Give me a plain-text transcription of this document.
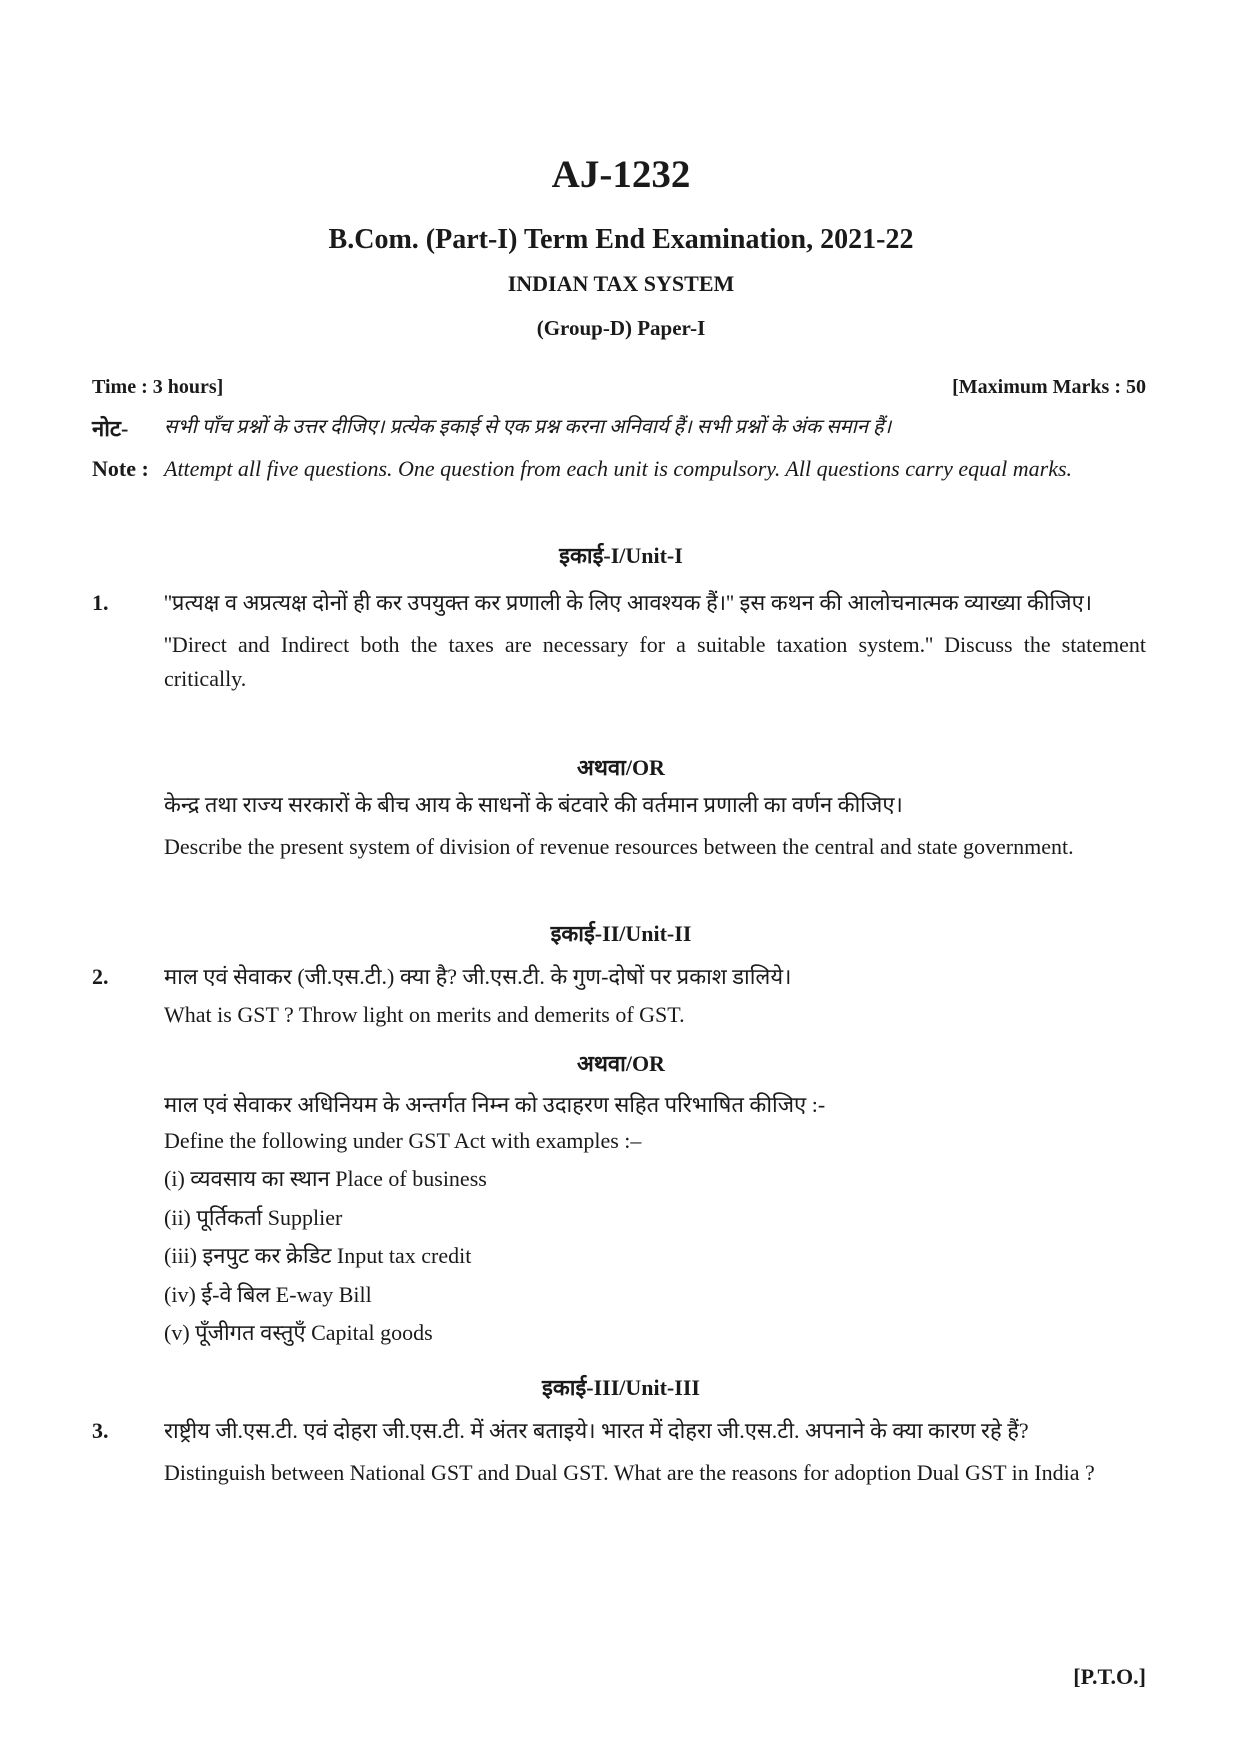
AJ-1232
B.Com. (Part-I) Term End Examination, 2021-22
INDIAN TAX SYSTEM
(Group-D) Paper-I
Time : 3 hours]	[Maximum Marks : 50
नोट- सभी पाँच प्रश्नों के उत्तर दीजिए। प्रत्येक इकाई से एक प्रश्न करना अनिवार्य हैं। सभी प्रश्नों के अंक समान हैं।
Note : Attempt all five questions. One question from each unit is compulsory. All questions carry equal marks.
इकाई-I/Unit-I
1.	''प्रत्यक्ष व अप्रत्यक्ष दोनों ही कर उपयुक्त कर प्रणाली के लिए आवश्यक हैं।'' इस कथन की आलोचनात्मक व्याख्या कीजिए।

''Direct and Indirect both the taxes are necessary for a suitable taxation system.'' Discuss the statement critically.

अथवा/OR

केन्द्र तथा राज्य सरकारों के बीच आय के साधनों के बंटवारे की वर्तमान प्रणाली का वर्णन कीजिए।

Describe the present system of division of revenue resources between the central and state government.

इकाई-II/Unit-II
2.	माल एवं सेवाकर (जी.एस.टी.) क्या है? जी.एस.टी. के गुण-दोषों पर प्रकाश डालिये।

What is GST ? Throw light on merits and demerits of GST.

अथवा/OR

माल एवं सेवाकर अधिनियम के अन्तर्गत निम्न को उदाहरण सहित परिभाषित कीजिए :-

Define the following under GST Act with examples :–

(i) व्यवसाय का स्थान Place of business

(ii) पूर्तिकर्ता Supplier

(iii) इनपुट कर क्रेडिट Input tax credit

(iv) ई-वे बिल E-way Bill

(v) पूँजीगत वस्तुएँ Capital goods

इकाई-III/Unit-III
3.	राष्ट्रीय जी.एस.टी. एवं दोहरा जी.एस.टी. में अंतर बताइये। भारत में दोहरा जी.एस.टी. अपनाने के क्या कारण रहे हैं?

Distinguish between National GST and Dual GST. What are the reasons for adoption Dual GST in India ?

[P.T.O.]
